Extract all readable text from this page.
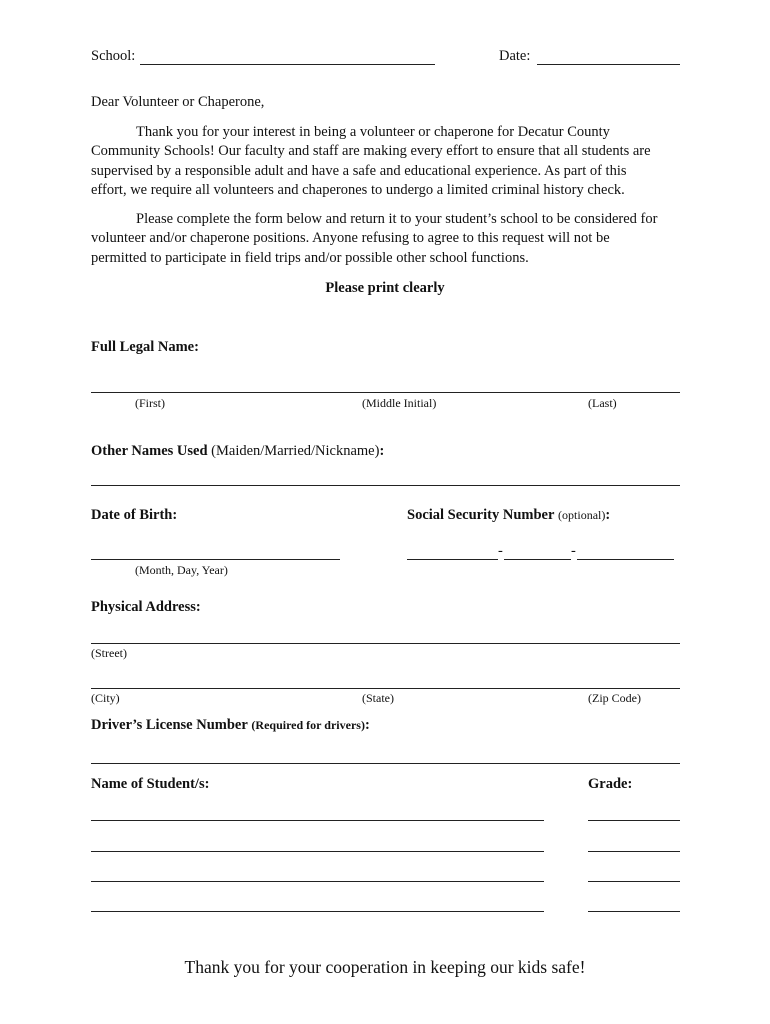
School:	Date:
Dear Volunteer or Chaperone,
Thank you for your interest in being a volunteer or chaperone for Decatur County
Community Schools! Our faculty and staff are making every effort to ensure that all students are
supervised by a responsible adult and have a safe and educational experience. As part of this
effort, we require all volunteers and chaperones to undergo a limited criminal history check.
Please complete the form below and return it to your student’s school to be considered for
volunteer and/or chaperone positions. Anyone refusing to agree to this request will not be
permitted to participate in field trips and/or possible other school functions.
Please print clearly
Full Legal Name:
(First)	(Middle Initial)	(Last)
Other Names Used (Maiden/Married/Nickname):
Date of Birth:	Social Security Number (optional):
(Month, Day, Year)
-	-
Physical Address:
(Street)
(City)	(State)	(Zip Code)
Driver’s License Number (Required for drivers):
Name of Student/s:	Grade:
Thank you for your cooperation in keeping our kids safe!
